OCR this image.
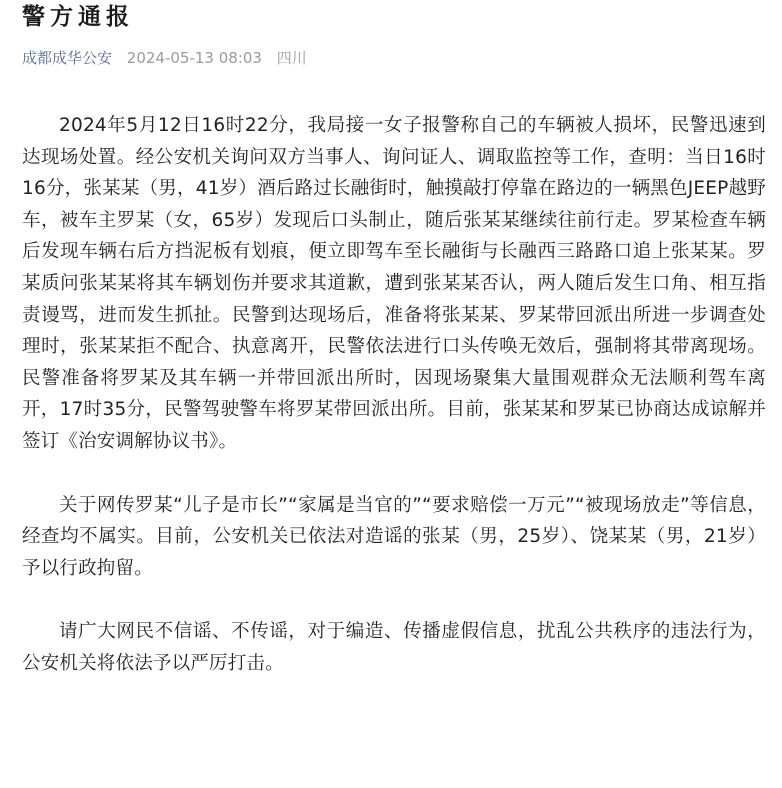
警方通报
成都成华公安 2024-05-13 08:03 四川

2024年5月12日16时22分，我局接一女子报警称自己的车辆被人损坏，民警迅速到达现场处置。经公安机关询问双方当事人、询问证人、调取监控等工作，查明：当日16时16分，张某某（男，41岁）酒后路过长融街时，触摸敲打停靠在路边的一辆黑色JEEP越野车，被车主罗某（女，65岁）发现后口头制止，随后张某某继续往前行走。罗某检查车辆后发现车辆右后方挡泥板有划痕，便立即驾车至长融街与长融西三路路口追上张某某。罗某质问张某某将其车辆划伤并要求其道歉，遭到张某某否认，两人随后发生口角、相互指责谩骂，进而发生抓扯。民警到达现场后，准备将张某某、罗某带回派出所进一步调查处理时，张某某拒不配合、执意离开，民警依法进行口头传唤无效后，强制将其带离现场。民警准备将罗某及其车辆一并带回派出所时，因现场聚集大量围观群众无法顺利驾车离开，17时35分，民警驾驶警车将罗某带回派出所。目前，张某某和罗某已协商达成谅解并签订《治安调解协议书》。

关于网传罗某“儿子是市长”“家属是当官的”“要求赔偿一万元”“被现场放走”等信息，经查均不属实。目前，公安机关已依法对造谣的张某（男，25岁）、饶某某（男，21岁）予以行政拘留。

请广大网民不信谣、不传谣，对于编造、传播虚假信息，扰乱公共秩序的违法行为，公安机关将依法予以严厉打击。
